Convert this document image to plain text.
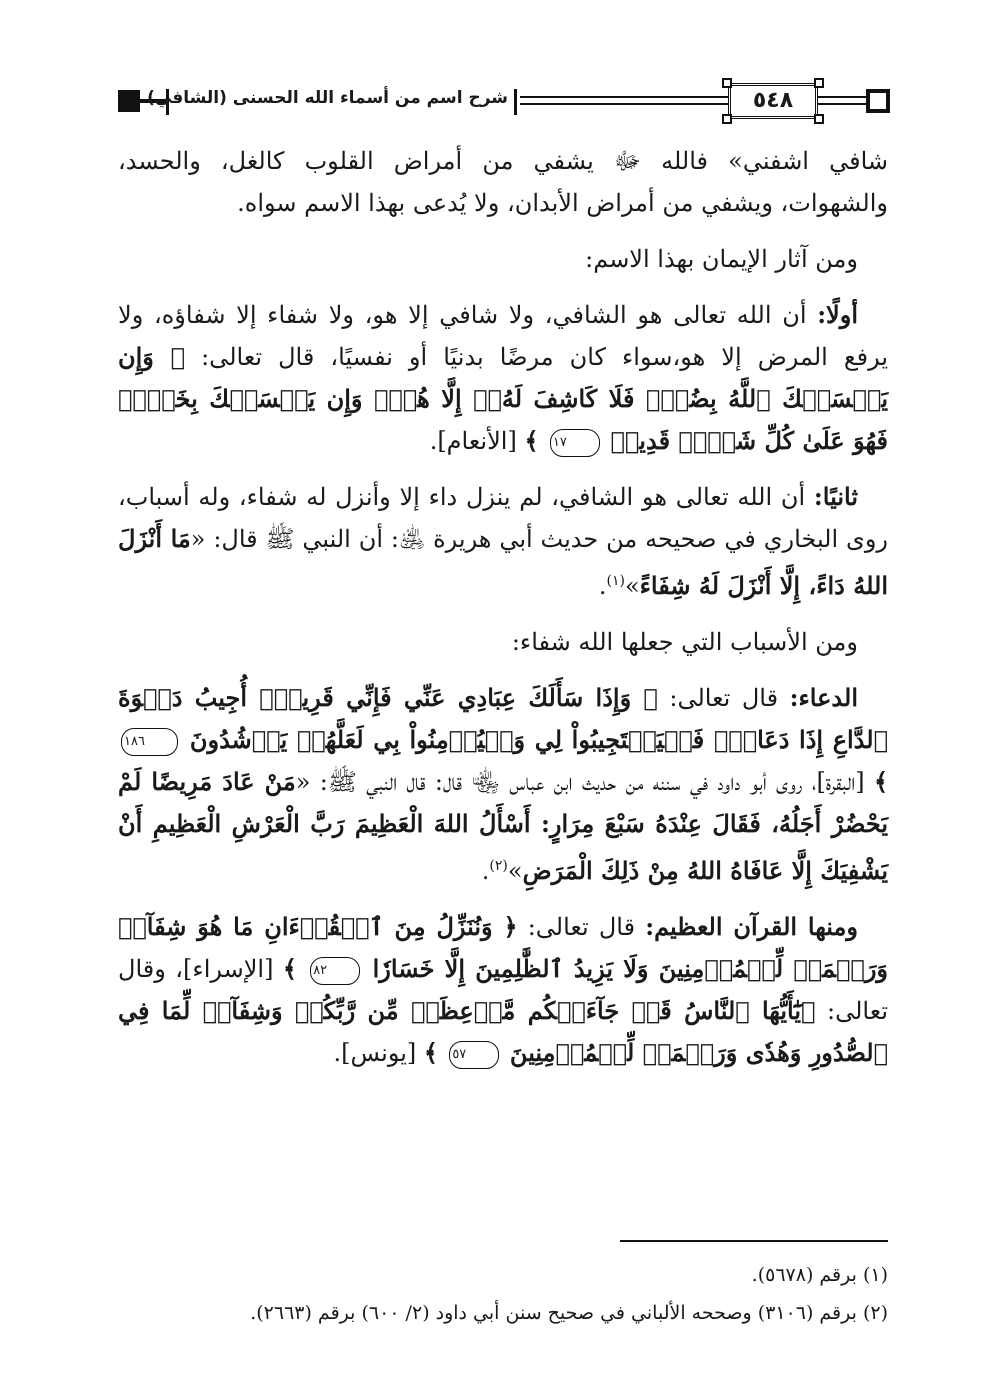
شرح اسم من أسماء الله الحسنى (الشافي)	٥٤٨

شافي اشفني» فالله ﷻ يشفي من أمراض القلوب كالغل، والحسد، والشهوات، ويشفي من أمراض الأبدان، ولا يُدعى بهذا الاسم سواه.

ومن آثار الإيمان بهذا الاسم:

أولًا: أن الله تعالى هو الشافي، ولا شافي إلا هو، ولا شفاء إلا شفاؤه، ولا يرفع المرض إلا هو،سواء كان مرضًا بدنيًا أو نفسيًا، قال تعالى: ﴿ وَإِن يَمۡسَسۡكَ ٱللَّهُ بِضُرّٖ فَلَا كَاشِفَ لَهُۥٓ إِلَّا هُوَۖ وَإِن يَمۡسَسۡكَ بِخَيۡرٖ فَهُوَ عَلَىٰ كُلِّ شَيۡءٖ قَدِيرٞ ١٧ ﴾ [الأنعام].

ثانيًا: أن الله تعالى هو الشافي، لم ينزل داء إلا وأنزل له شفاء، وله أسباب، روى البخاري في صحيحه من حديث أبي هريرة ﵁: أن النبي ﷺ قال: «مَا أَنْزَلَ اللهُ دَاءً، إِلَّا أَنْزَلَ لَهُ شِفَاءً»$^{(١)}$.

ومن الأسباب التي جعلها الله شفاء:

الدعاء: قال تعالى: ﴿ وَإِذَا سَأَلَكَ عِبَادِي عَنِّي فَإِنِّي قَرِيبٌۖ أُجِيبُ دَعۡوَةَ ٱلدَّاعِ إِذَا دَعَانِۖ فَلۡيَسۡتَجِيبُواْ لِي وَلۡيُؤۡمِنُواْ بِي لَعَلَّهُمۡ يَرۡشُدُونَ ١٨٦ ﴾ [البقرة]، روى أبو داود في سننه من حديث ابن عباس ﵄ قال: قال النبي ﷺ: «مَنْ عَادَ مَرِيضًا لَمْ يَحْضُرْ أَجَلُهُ، فَقَالَ عِنْدَهُ سَبْعَ مِرَارٍ: أَسْأَلُ اللهَ الْعَظِيمَ رَبَّ الْعَرْشِ الْعَظِيمِ أَنْ يَشْفِيَكَ إِلَّا عَافَاهُ اللهُ مِنْ ذَلِكَ الْمَرَضِ»$^{(٢)}$.

ومنها القرآن العظيم: قال تعالى: ﴿ وَنُنَزِّلُ مِنَ ٱلۡقُرۡءَانِ مَا هُوَ شِفَآءٞ وَرَحۡمَةٞ لِّلۡمُؤۡمِنِينَ وَلَا يَزِيدُ ٱلظَّٰلِمِينَ إِلَّا خَسَارٗا ٨٢ ﴾ [الإسراء]، وقال تعالى: ﴿يَٰٓأَيُّهَا ٱلنَّاسُ قَدۡ جَآءَتۡكُم مَّوۡعِظَةٞ مِّن رَّبِّكُمۡ وَشِفَآءٞ لِّمَا فِي ٱلصُّدُورِ وَهُدٗى وَرَحۡمَةٞ لِّلۡمُؤۡمِنِينَ ٥٧ ﴾ [يونس].

(١) برقم (٥٦٧٨).
(٢) برقم (٣١٠٦) وصححه الألباني في صحيح سنن أبي داود (٢/ ٦٠٠) برقم (٢٦٦٣).
